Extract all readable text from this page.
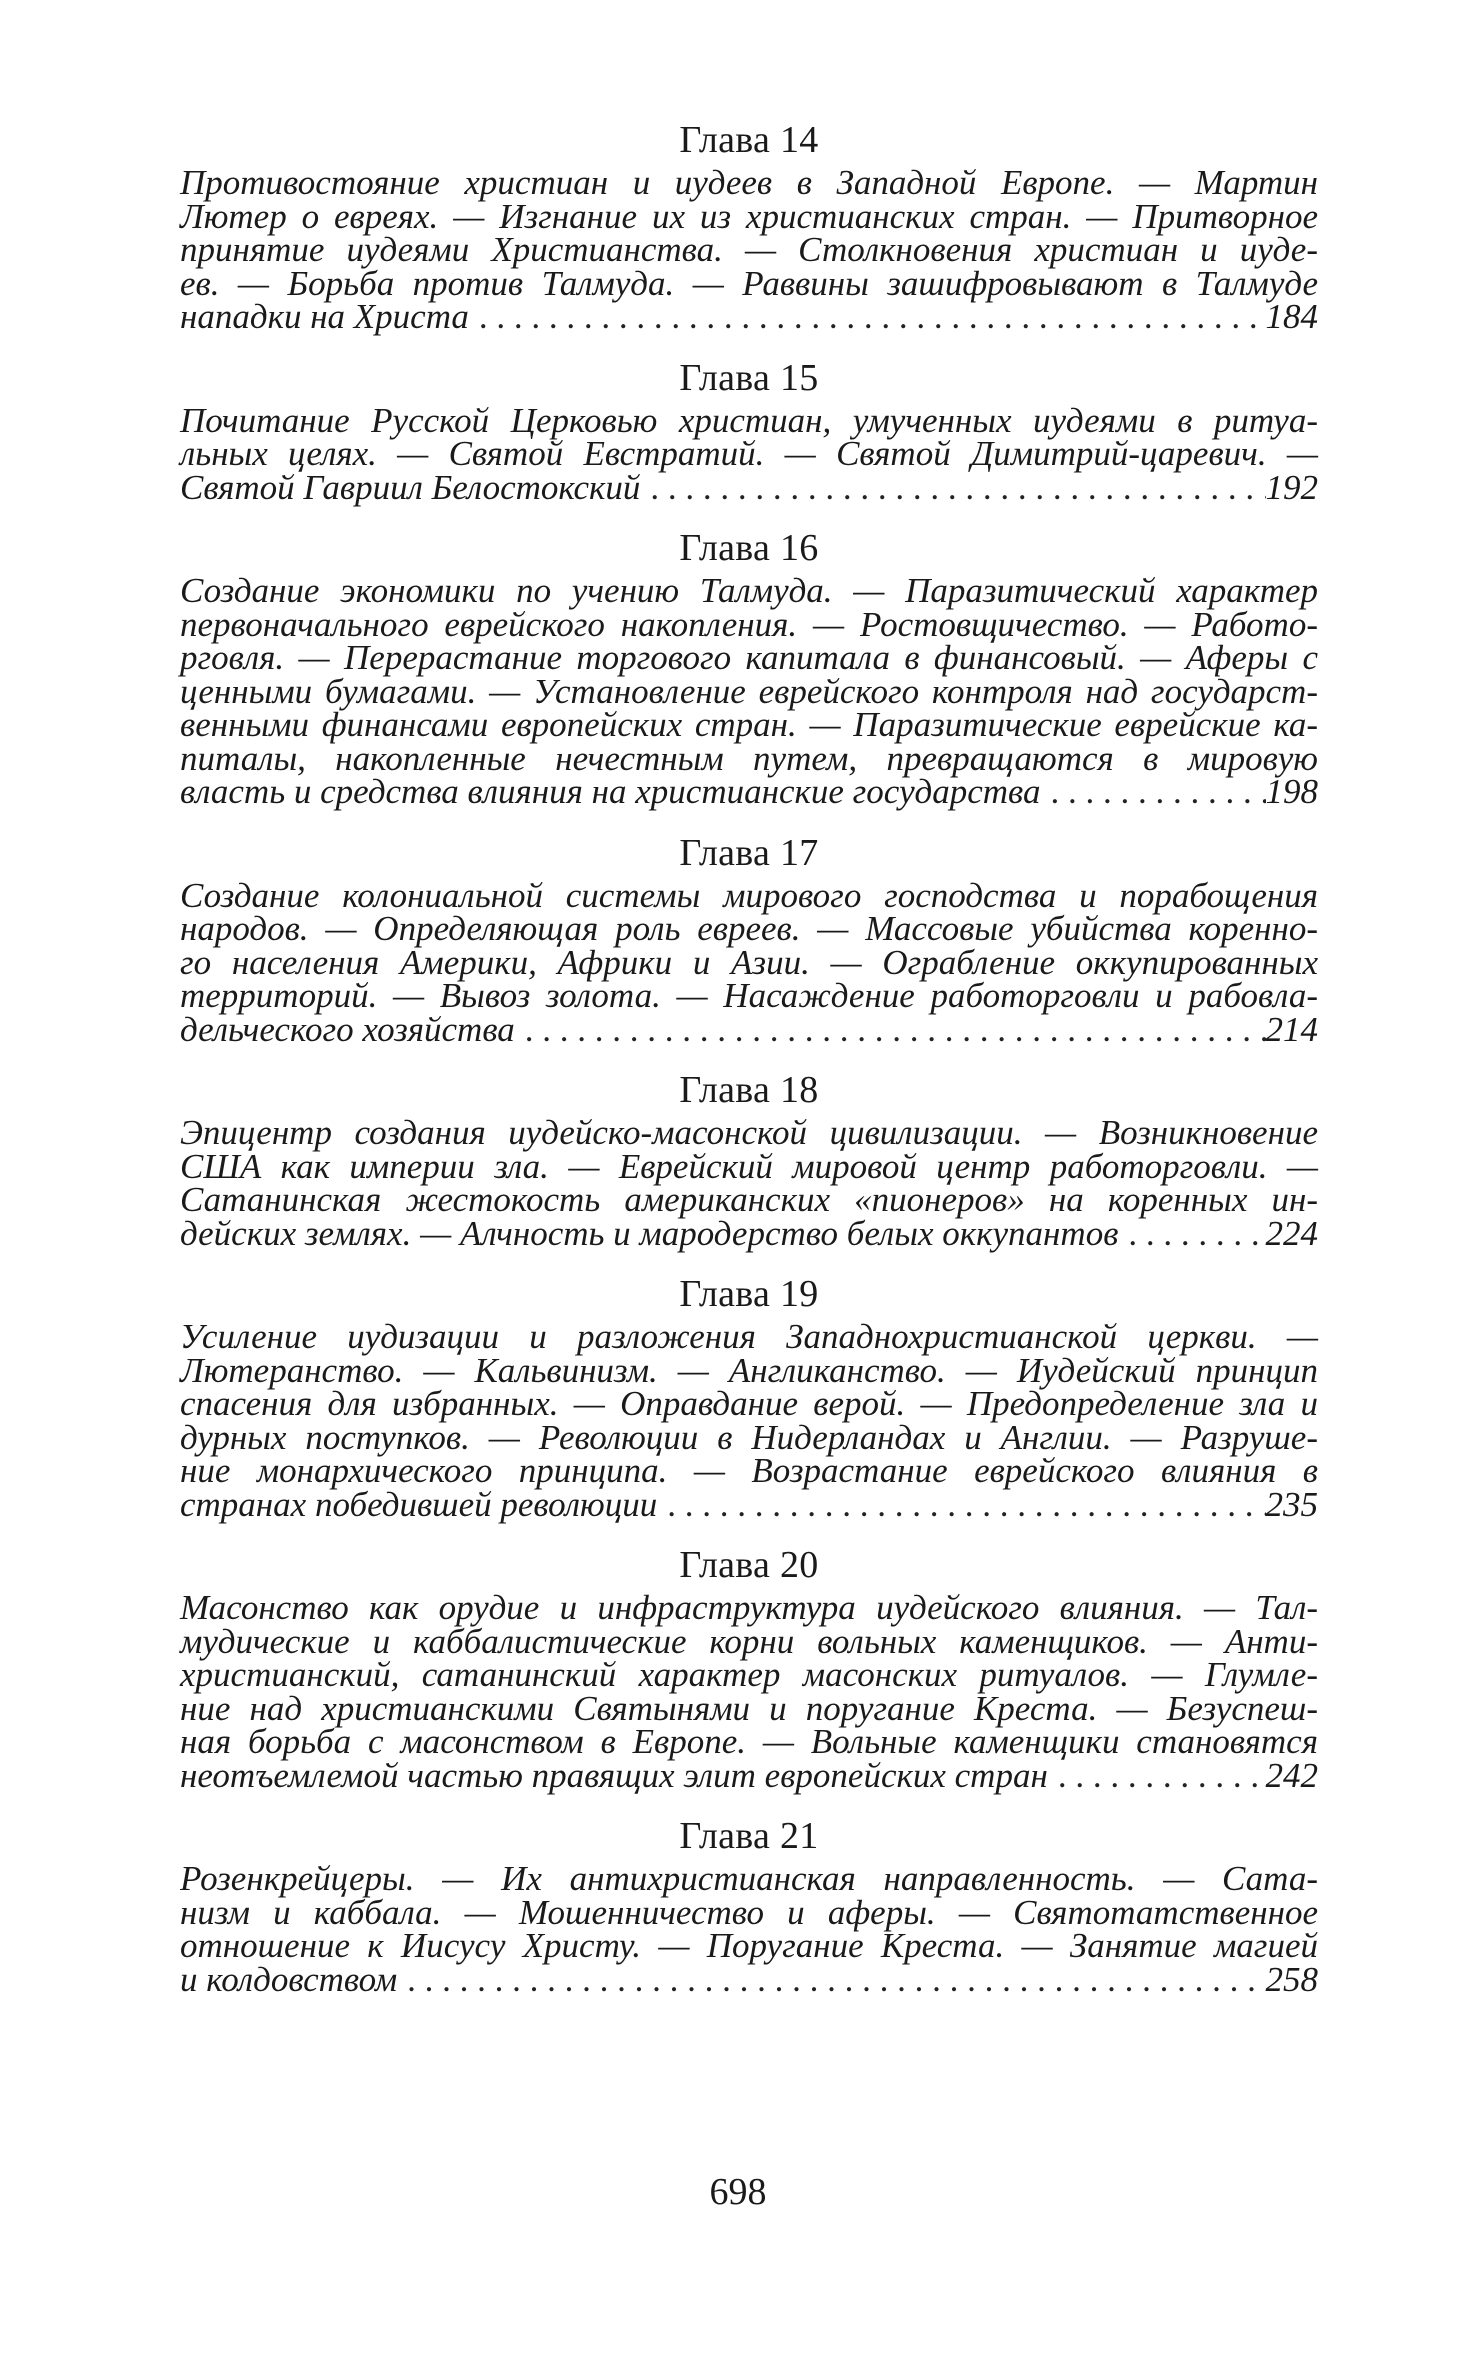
Глава 14
Противостояние христиан и иудеев в Западной Европе. — Мартин
Лютер о евреях. — Изгнание их из христианских стран. — Притворное
принятие иудеями Христианства. — Столкновения христиан и иуде-
ев. — Борьба против Талмуда. — Раввины зашифровывают в Талмуде
нападки на Христа . . .	184
Глава 15
Почитание Русской Церковью христиан, умученных иудеями в ритуа-
льных целях. — Святой Евстратий. — Святой Димитрий-царевич. —
Святой Гавриил Белостокский . . .	192
Глава 16
Создание экономики по учению Талмуда. — Паразитический характер
первоначального еврейского накопления. — Ростовщичество. — Работо-
рговля. — Перерастание торгового капитала в финансовый. — Аферы с
ценными бумагами. — Установление еврейского контроля над государст-
венными финансами европейских стран. — Паразитические еврейские ка-
питалы, накопленные нечестным путем, превращаются в мировую
власть и средства влияния на христианские государства . . .	198
Глава 17
Создание колониальной системы мирового господства и порабощения
народов. — Определяющая роль евреев. — Массовые убийства коренно-
го населения Америки, Африки и Азии. — Ограбление оккупированных
территорий. — Вывоз золота. — Насаждение работорговли и рабовла-
дельческого хозяйства . . .	214
Глава 18
Эпицентр создания иудейско-масонской цивилизации. — Возникновение
США как империи зла. — Еврейский мировой центр работорговли. —
Сатанинская жестокость американских «пионеров» на коренных ин-
дейских землях. — Алчность и мародерство белых оккупантов . . .	224
Глава 19
Усиление иудизации и разложения Западнохристианской церкви. —
Лютеранство. — Кальвинизм. — Англиканство. — Иудейский принцип
спасения для избранных. — Оправдание верой. — Предопределение зла и
дурных поступков. — Революции в Нидерландах и Англии. — Разруше-
ние монархического принципа. — Возрастание еврейского влияния в
странах победившей революции . . .	235
Глава 20
Масонство как орудие и инфраструктура иудейского влияния. — Тал-
мудические и каббалистические корни вольных каменщиков. — Анти-
христианский, сатанинский характер масонских ритуалов. — Глумле-
ние над христианскими Святынями и поругание Креста. — Безуспеш-
ная борьба с масонством в Европе. — Вольные каменщики становятся
неотъемлемой частью правящих элит европейских стран . . .	242
Глава 21
Розенкрейцеры. — Их антихристианская направленность. — Сата-
низм и каббала. — Мошенничество и аферы. — Святотатственное
отношение к Иисусу Христу. — Поругание Креста. — Занятие магией
и колдовством . . .	258
698
